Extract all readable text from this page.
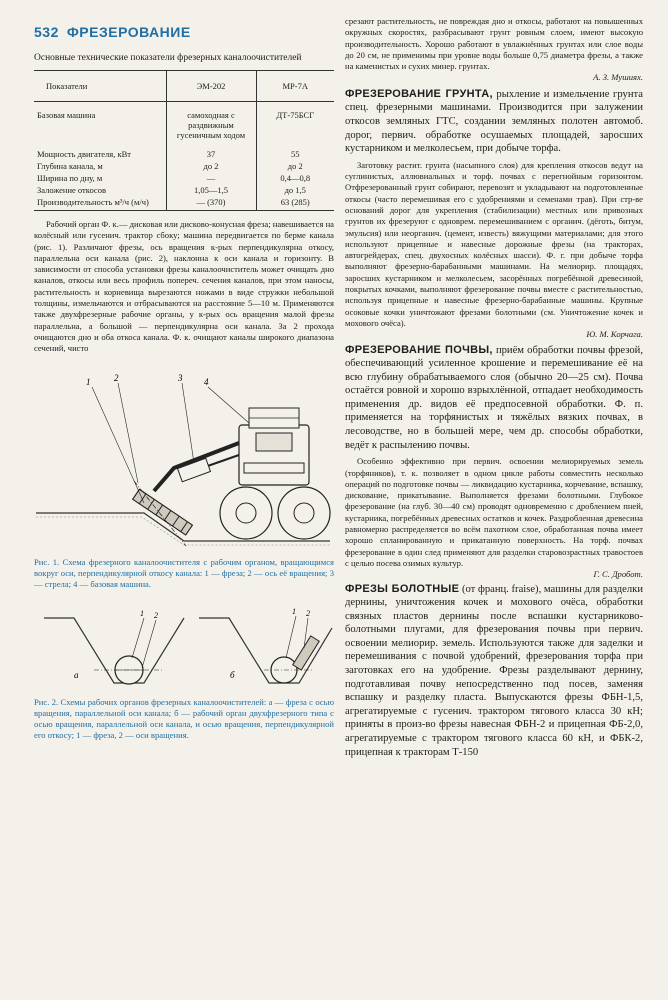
532 ФРЕЗЕРОВАНИЕ
Основные технические показатели фрезерных каналоочистителей
Показатели	ЭМ-202	МР-7А
Базовая машина	самоходная с раздвижным гусеничным ходом	ДТ-75БСГ
Мощность двигателя, кВт	37	55
Глубина канала, м	до 2	до 2
Ширина по дну, м	—	0,4—0,8
Заложение откосов	1,05—1,5	до 1,5
Производительность м³/ч (м/ч)	— (370)	63 (285)

Рабочий орган Ф. к.— дисковая или дисково-конусная фреза; навешивается на колёсный или гусенич. трактор сбоку; машина передвигается по берме канала (рис. 1). Различают фрезы, ось вращения к-рых перпендикулярна откосу, параллельна оси канала (рис. 2), наклонна к оси канала и горизонту. В зависимости от способа установки фрезы каналоочиститель может очищать дно каналов, откосы или весь профиль попереч. сечения каналов, при этом наносы, растительность и корневища вырезаются ножами в виде стружки небольшой толщины, измельчаются и отбрасываются на расстояние 5—10 м. Применяются также двухфрезерные рабочие органы, у к-рых ось вращения малой фрезы параллельна, а большой — перпендикулярна оси канала. За 2 прохода очищаются дно и оба откоса канала. Ф. к. очищают каналы широкого диапазона сечений, чисто

1	2	3 4
Рис. 1. Схема фрезерного каналоочистителя с рабочим органом, вращающимся вокруг оси, перпендикулярной откосу канала: 1 — фреза; 2 — ось её вращения; 3 — стрела; 4 — базовая машина.
а
1 2
б
1 2
Рис. 2. Схемы рабочих органов фрезерных каналоочистителей: а — фреза с осью вращения, параллельной оси канала; б — рабочий орган двухфрезерного типа с осью вращения, параллельной оси канала, и осью вращения, перпендикулярной его откосу; 1 — фреза, 2 — оси вращения.
срезают растительность, не повреждая дно и откосы, работают на повышенных окружных скоростях, разбрасывают грунт ровным слоем, имеют высокую производительность. Хорошо работают в увлажнённых грунтах или слое воды до 20 см, не применимы при уровне воды больше 0,75 диаметра фрезы, а также на каменистых и сухих минер. грунтах.
А. З. Мушиях.

ФРЕЗЕРОВАНИЕ ГРУНТА, рыхление и измельчение грунта спец. фрезерными машинами. Производится при залужении откосов земляных ГТС, создании земляных полотен автомоб. дорог, первич. обработке осушаемых площадей, заросших кустарником и мелколесьем, при добыче торфа.

Заготовку растит. грунта (насыпного слоя) для крепления откосов ведут на суглинистых, аллювиальных и торф. почвах с перегнойным горизонтом. Отфрезерованный грунт собирают, перевозят и укладывают на подготовленные откосы (часто перемешивая его с удобрениями и семенами трав). При стр-ве оснований дорог для укрепления (стабилизации) местных или привозных грунтов их фрезеруют с одноврем. перемешиванием с органич. (дёготь, битум, эмульсия) или неорганич. (цемент, известь) вяжущими материалами; для этого используют прицепные и навесные дорожные фрезы (на тракторах, автогрейдерах, спец. двухосных колёсных шасси). Ф. г. при добыче торфа выполняют фрезерно-барабанными машинами. На мелиорир. площадях, заросших кустарником и мелколесьем, засорённых погребённой древесиной, покрытых кочками, выполняют фрезерование почвы вместе с растительностью, используя прицепные и навесные фрезерно-барабанные машины. Крупные осоковые кочки уничтожают фрезами болотными (см. Уничтожение кочек и мохового очёса).

Ю. М. Корчага.

ФРЕЗЕРОВАНИЕ ПОЧВЫ, приём обработки почвы фрезой, обеспечивающий усиленное крошение и перемешивание её на всю глубину обрабатываемого слоя (обычно 20—25 см). Почва остаётся ровной и хорошо взрыхлённой, отпадает необходимость применения др. видов её предпосевной обработки. Ф. п. применяется на торфянистых и тяжёлых вязких почвах, в лесоводстве, но в большей мере, чем др. способы обработки, ведёт к распылению почвы.

Особенно эффективно при первич. освоении мелиорируемых земель (торфяников), т. к. позволяет в одном цикле работы совместить несколько операций по подготовке почвы — ликвидацию кустарника, корчевание, вспашку, дискование, прикатывание. Выполняется фрезами болотными. Глубокое фрезерование (на глуб. 30—40 см) проводят одновременно с дроблением пней, кустарника, погребённых древесных остатков и кочек. Раздробленная древесина равномерно распределяется во всём пахотном слое, обработанная почва имеет хорошо спланированную и прикатанную поверхность. На торф. почвах фрезерование в один след применяют для разделки старовозрастных травостоев с целью посева озимых культур.

Г. С. Дробот.

ФРЕЗЫ БОЛОТНЫЕ (от франц. fraise), машины для разделки дернины, уничтожения кочек и мохового очёса, обработки связных пластов дернины после вспашки кустарниково-болотными плугами, для фрезерования почвы при первич. освоении мелиорир. земель. Используются также для заделки и перемешивания с почвой удобрений, фрезерования торфа при заготовках его на удобрение. Фрезы разделывают дернину, подготавливая почву непосредственно под посев, заменяя вспашку и разделку пласта. Выпускаются фрезы ФБН-1,5, агрегатируемые с гусенич. трактором тягового класса 30 кН; приняты в произ-во фрезы навесная ФБН-2 и прицепная ФБ-2,0, агрегатируемые с трактором тягового класса 60 кН, и ФБК-2, прицепная к тракторам Т-150
